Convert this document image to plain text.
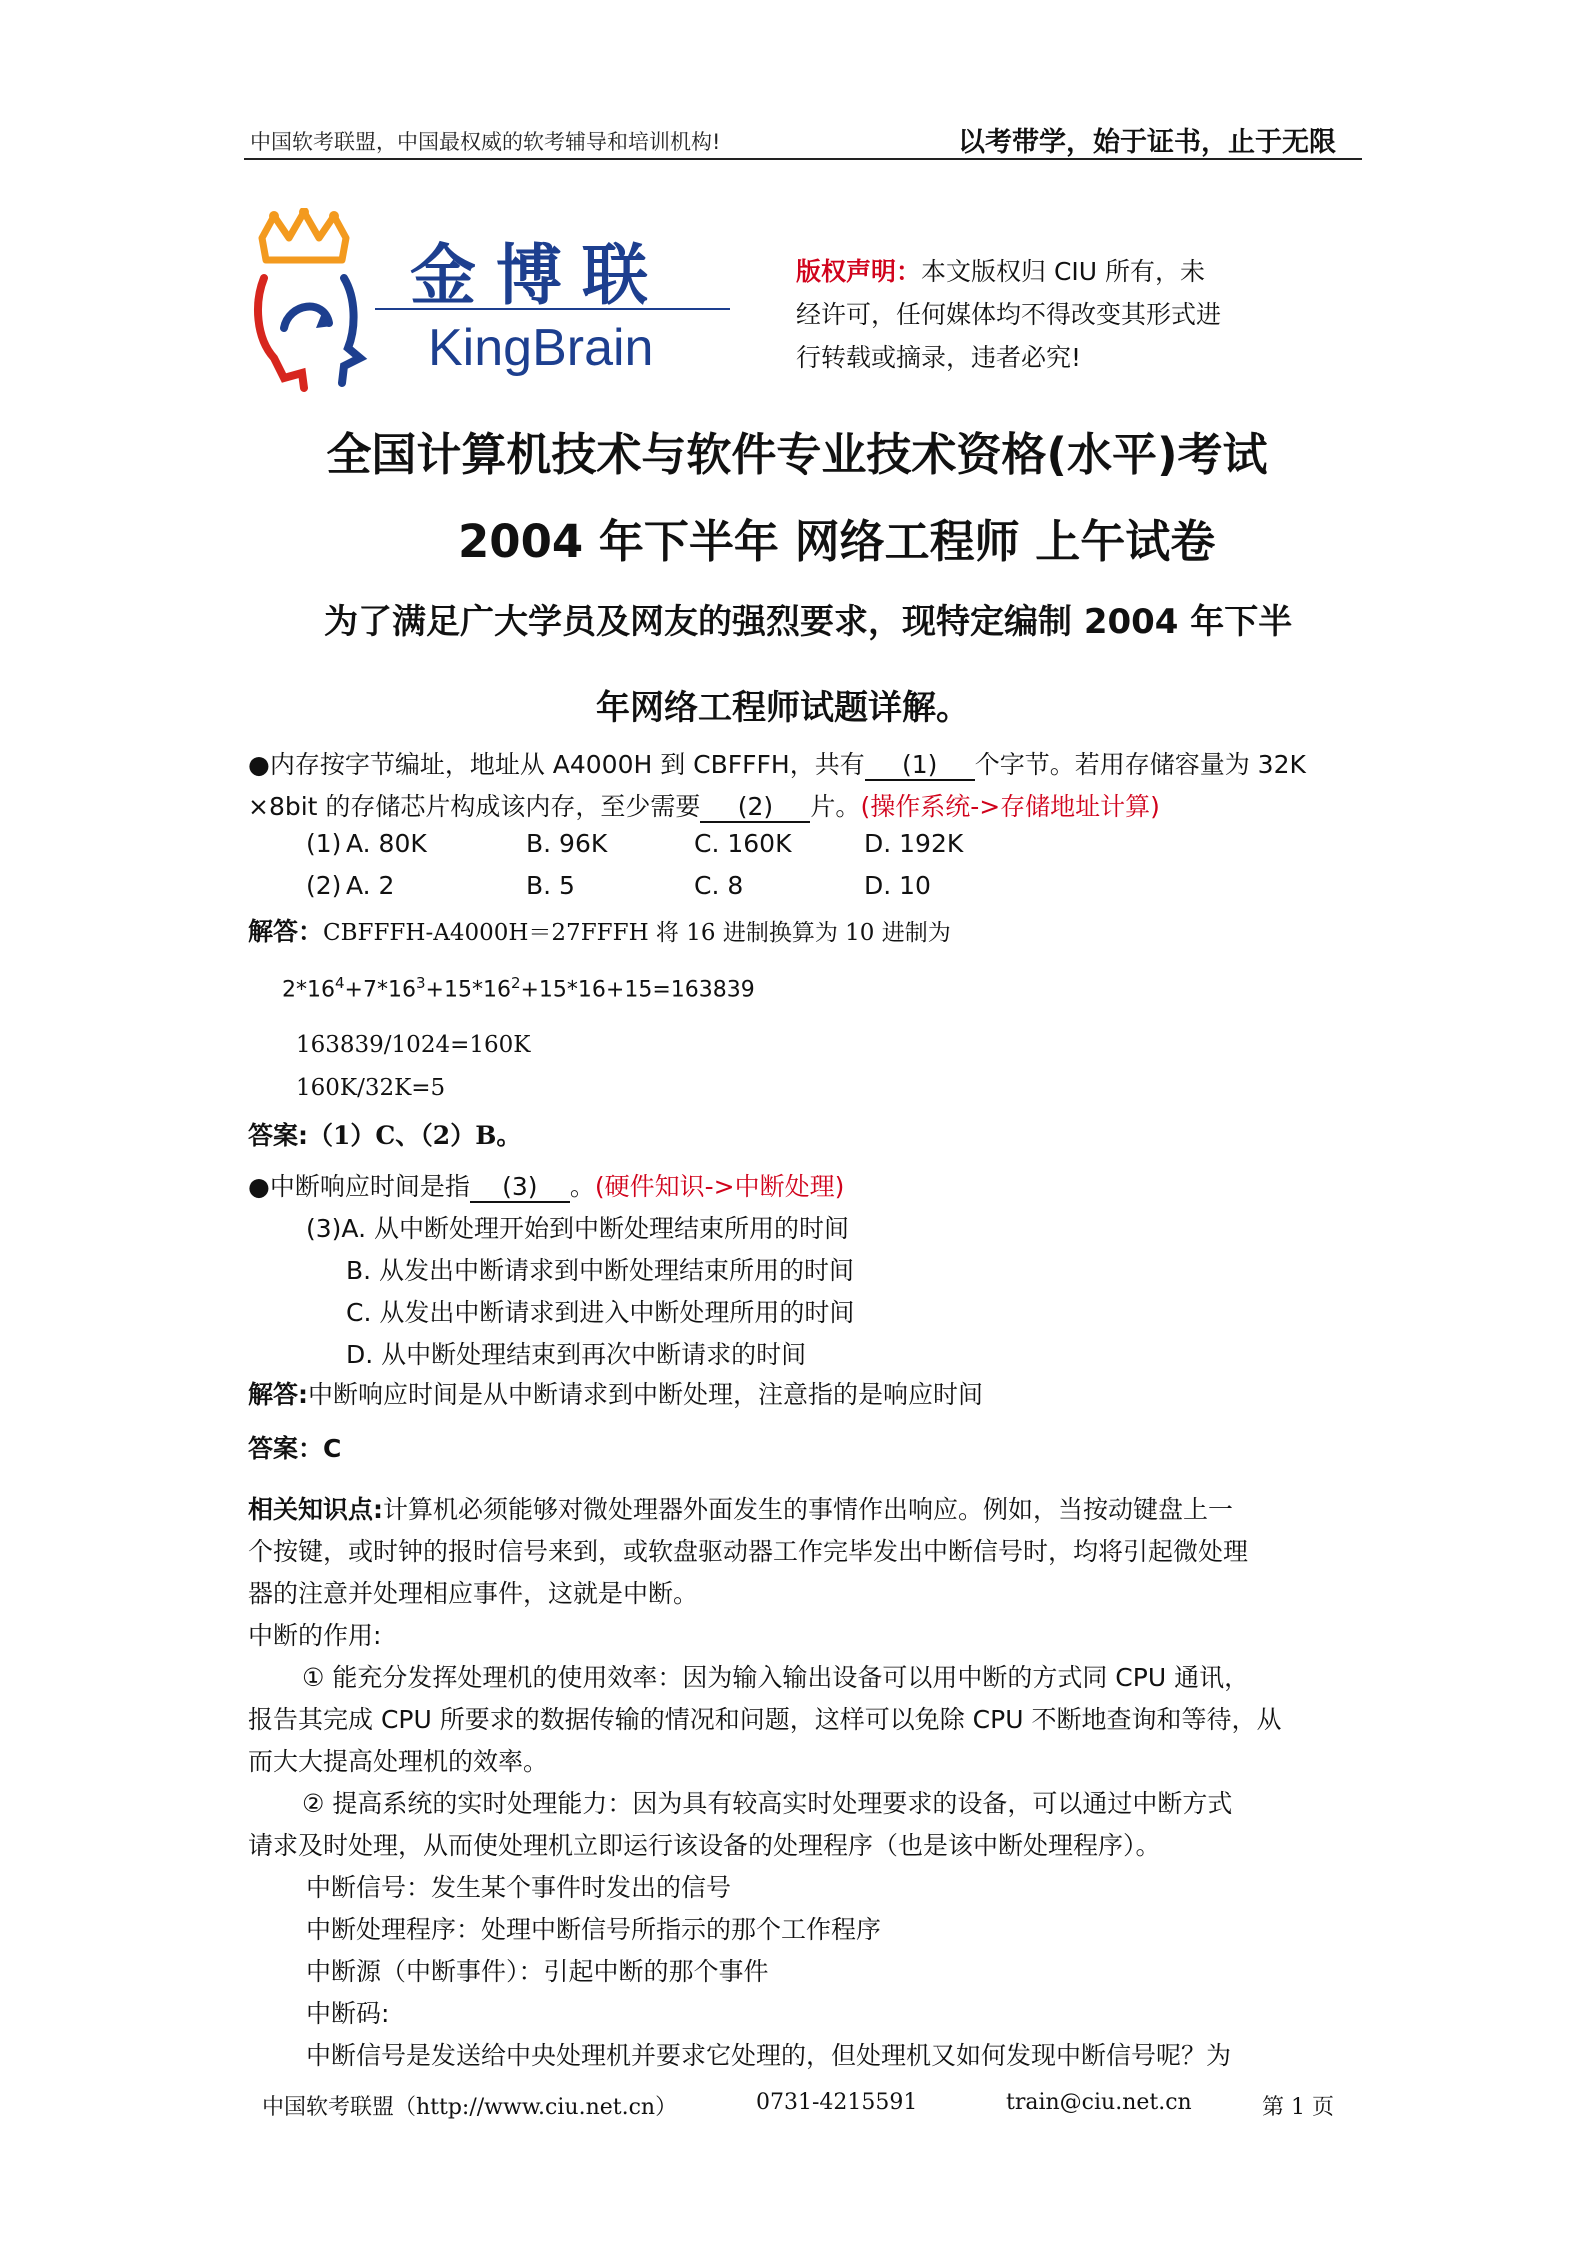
中国软考联盟，中国最权威的软考辅导和培训机构!	以考带学，始于证书，止于无限
金博联
KingBrain
版权声明：本文版权归 CIU 所有，未
经许可，任何媒体均不得改变其形式进
行转载或摘录，违者必究!
全国计算机技术与软件专业技术资格(水平)考试
2004 年下半年 网络工程师 上午试卷
为了满足广大学员及网友的强烈要求，现特定编制 2004 年下半
年网络工程师试题详解。
●内存按字节编址，地址从 A4000H 到 CBFFFH，共有 (1) 个字节。若用存储容量为 32K
×8bit 的存储芯片构成该内存，至少需要 (2) 片。(操作系统->存储地址计算)
(1) A. 80K	B. 96K	C. 160K	D. 192K
(2) A. 2	B. 5	C. 8	D. 10
解答：CBFFFH-A4000H＝27FFFH 将 16 进制换算为 10 进制为
$2*16^4+7*16^3+15*16^2+15*16+15=163839$
163839/1024=160K
160K/32K=5
答案:（1）C、（2）B。
●中断响应时间是指 (3) 。(硬件知识->中断处理)
(3)A. 从中断处理开始到中断处理结束所用的时间
B. 从发出中断请求到中断处理结束所用的时间
C. 从发出中断请求到进入中断处理所用的时间
D. 从中断处理结束到再次中断请求的时间
解答:中断响应时间是从中断请求到中断处理，注意指的是响应时间
答案：C
相关知识点:计算机必须能够对微处理器外面发生的事情作出响应。例如，当按动键盘上一
个按键，或时钟的报时信号来到，或软盘驱动器工作完毕发出中断信号时，均将引起微处理
器的注意并处理相应事件，这就是中断。
中断的作用:
① 能充分发挥处理机的使用效率：因为输入输出设备可以用中断的方式同 CPU 通讯，
报告其完成 CPU 所要求的数据传输的情况和问题，这样可以免除 CPU 不断地查询和等待，从
而大大提高处理机的效率。
② 提高系统的实时处理能力：因为具有较高实时处理要求的设备，可以通过中断方式
请求及时处理，从而使处理机立即运行该设备的处理程序（也是该中断处理程序）。
中断信号：发生某个事件时发出的信号
中断处理程序：处理中断信号所指示的那个工作程序
中断源（中断事件）：引起中断的那个事件
中断码:
中断信号是发送给中央处理机并要求它处理的，但处理机又如何发现中断信号呢？为
中国软考联盟（http://www.ciu.net.cn）	0731-4215591	train@ciu.net.cn	第 1 页
